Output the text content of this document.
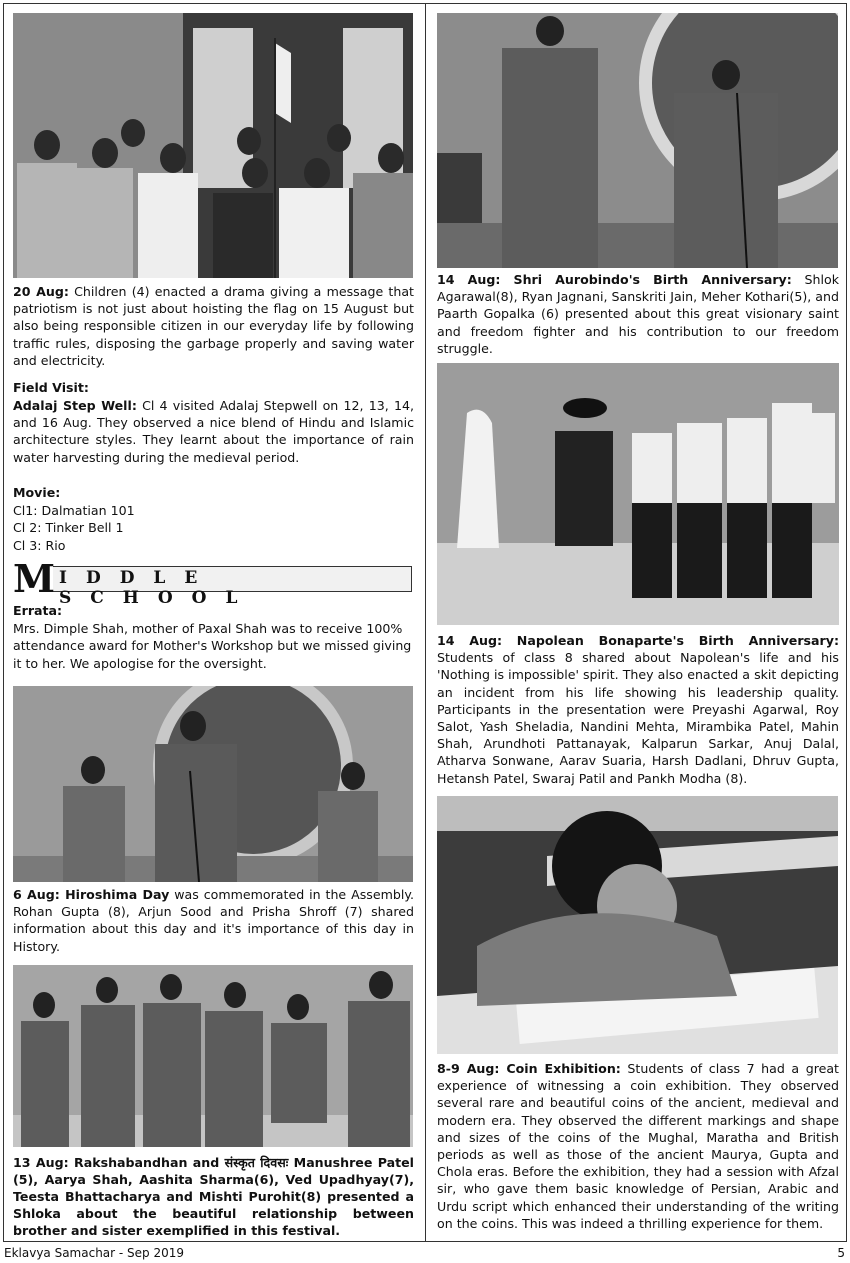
20 Aug: Children (4) enacted a drama giving a message that patriotism is not just about hoisting the flag on 15 August but also being responsible citizen in our everyday life by following traffic rules, disposing the garbage properly and saving water and electricity.
Field Visit:
Adalaj Step Well: Cl 4 visited Adalaj Stepwell on 12, 13, 14, and 16 Aug. They observed a nice blend of Hindu and Islamic architecture styles. They learnt about the importance of rain water harvesting during the medieval period.
Movie:
Cl1: Dalmatian 101
Cl 2: Tinker Bell 1
Cl 3: Rio
M IDDLE SCHOOL
Errata:
Mrs. Dimple Shah, mother of Paxal Shah was to receive 100% attendance award for Mother's Workshop but we missed giving it to her. We apologise for the oversight.
6 Aug: Hiroshima Day was commemorated in the Assembly. Rohan Gupta (8), Arjun Sood and Prisha Shroff (7) shared information about this day and it's importance of this day in History.
13 Aug: Rakshabandhan and संस्कृत दिवसः Manushree Patel (5), Aarya Shah, Aashita Sharma(6), Ved Upadhyay(7), Teesta Bhattacharya and Mishti Purohit(8) presented a Shloka about the beautiful relationship between brother and sister exemplified in this festival.
14 Aug: Shri Aurobindo's Birth Anniversary: Shlok Agarawal(8), Ryan Jagnani, Sanskriti Jain, Meher Kothari(5), and Paarth Gopalka (6) presented about this great visionary saint and freedom fighter and his contribution to our freedom struggle.
14 Aug: Napolean Bonaparte's Birth Anniversary: Students of class 8 shared about Napolean's life and his 'Nothing is impossible' spirit. They also enacted a skit depicting an incident from his life showing his leadership quality. Participants in the presentation were Preyashi Agarwal, Roy Salot, Yash Sheladia, Nandini Mehta, Mirambika Patel, Mahin Shah, Arundhoti Pattanayak, Kalparun Sarkar, Anuj Dalal, Atharva Sonwane, Aarav Suaria, Harsh Dadlani, Dhruv Gupta, Hetansh Patel, Swaraj Patil and Pankh Modha (8).
8-9 Aug: Coin Exhibition: Students of class 7 had a great experience of witnessing a coin exhibition. They observed several rare and beautiful coins of the ancient, medieval and modern era. They observed the different markings and shape and sizes of the coins of the Mughal, Maratha and British periods as well as those of the ancient Maurya, Gupta and Chola eras. Before the exhibition, they had a session with Afzal sir, who gave them basic knowledge of Persian, Arabic and Urdu script which enhanced their understanding of the writing on the coins. This was indeed a thrilling experience for them.
Eklavya Samachar - Sep 2019	5
